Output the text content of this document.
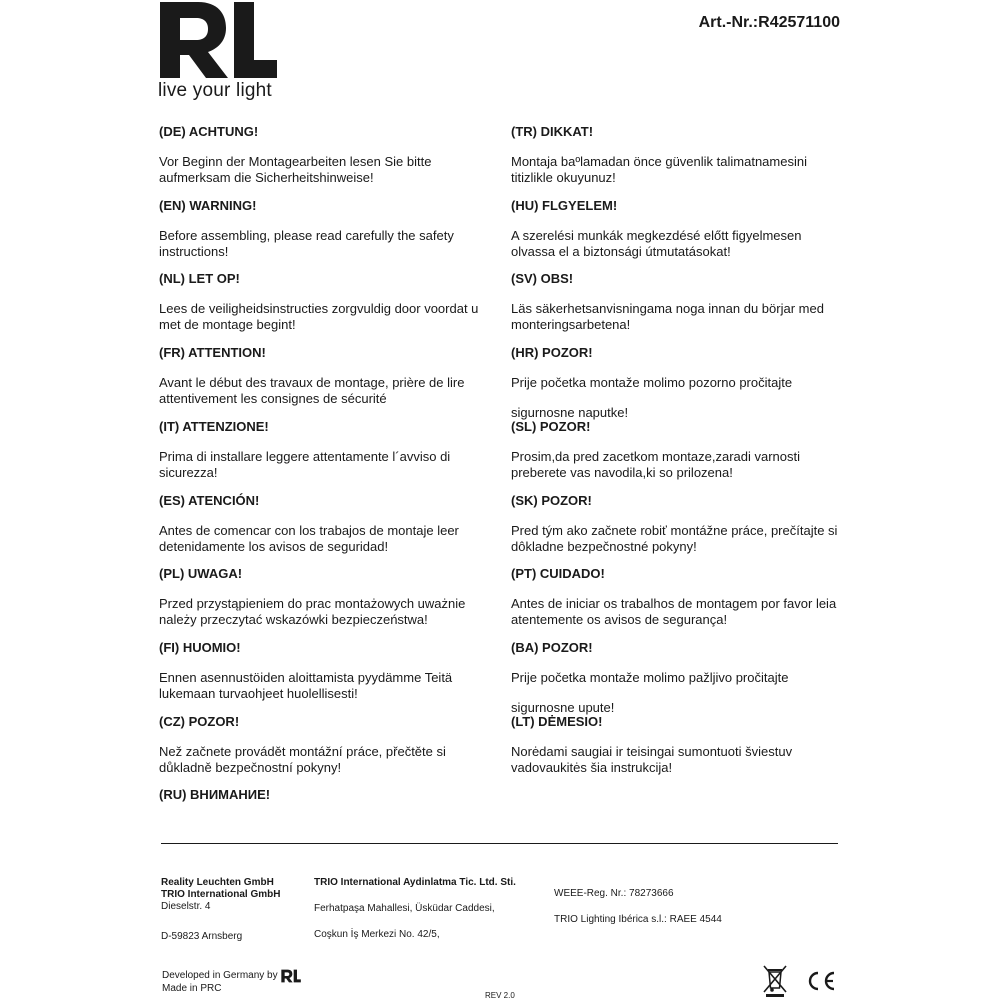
live your light
Art.-Nr.:R42571100
(DE) ACHTUNG!

Vor Beginn der Montagearbeiten lesen Sie bitte aufmerksam die Sicherheitshinweise!

(EN) WARNING!

Before assembling, please read carefully the safety instructions!

(NL) LET OP!

Lees de veiligheidsinstructies zorgvuldig door voordat u met de montage begint!

(FR) ATTENTION!

Avant le début des travaux de montage, prière de lire attentivement les consignes de sécurité

(IT) ATTENZIONE!

Prima di installare leggere attentamente l´avviso di sicurezza!

(ES) ATENCIÓN!

Antes de comencar con los trabajos de montaje leer detenidamente los avisos de seguridad!

(PL) UWAGA!

Przed przystąpieniem do prac montażowych uważnie należy przeczytać wskazówki bezpieczeństwa!

(FI) HUOMIO!

Ennen asennustöiden aloittamista pyydämme Teitä lukemaan turvaohjeet huolellisesti!

(CZ) POZOR!

Než začnete provádět montážní práce, přečtěte si důkladně bezpečnostní pokyny!

(RU) ВНИМАНИЕ!
(TR) DIKKAT!

Montaja baºlamadan önce güvenlik talimatnamesini titizlikle okuyunuz!

(HU) FLGYELEM!

A szerelési munkák megkezdésé előtt figyelmesen olvassa el a biztonsági útmutatásokat!

(SV) OBS!

Läs säkerhetsanvisningama noga innan du börjar med monteringsarbetena!

(HR) POZOR!

Prije početka montaže molimo pozorno pročitajte

sigurnosne naputke!

(SL) POZOR!

Prosim,da pred zacetkom montaze,zaradi varnosti preberete vas navodila,ki so prilozena!

(SK) POZOR!

Pred tým ako začnete robiť montážne práce, prečítajte si dôkladne bezpečnostné pokyny!

(PT) CUIDADO!

Antes de iniciar os trabalhos de montagem por favor leia atentemente os avisos de segurança!

(BA) POZOR!

Prije početka montaže molimo pažljivo pročitajte

sigurnosne upute!

(LT) DĖMESIO!

Norėdami saugiai ir teisingai sumontuoti šviestuv vadovaukitės šia instrukcija!

Reality Leuchten GmbH
TRIO International GmbH
Dieselstr. 4
D-59823 Arnsberg
TRIO International Aydinlatma Tic. Ltd. Sti.
Ferhatpaşa Mahallesi, Üsküdar Caddesi,
Coşkun İş Merkezi No. 42/5,
WEEE-Reg. Nr.: 78273666
TRIO Lighting Ibérica s.l.: RAEE 4544
Developed in Germany by
Made in PRC
REV 2.0
